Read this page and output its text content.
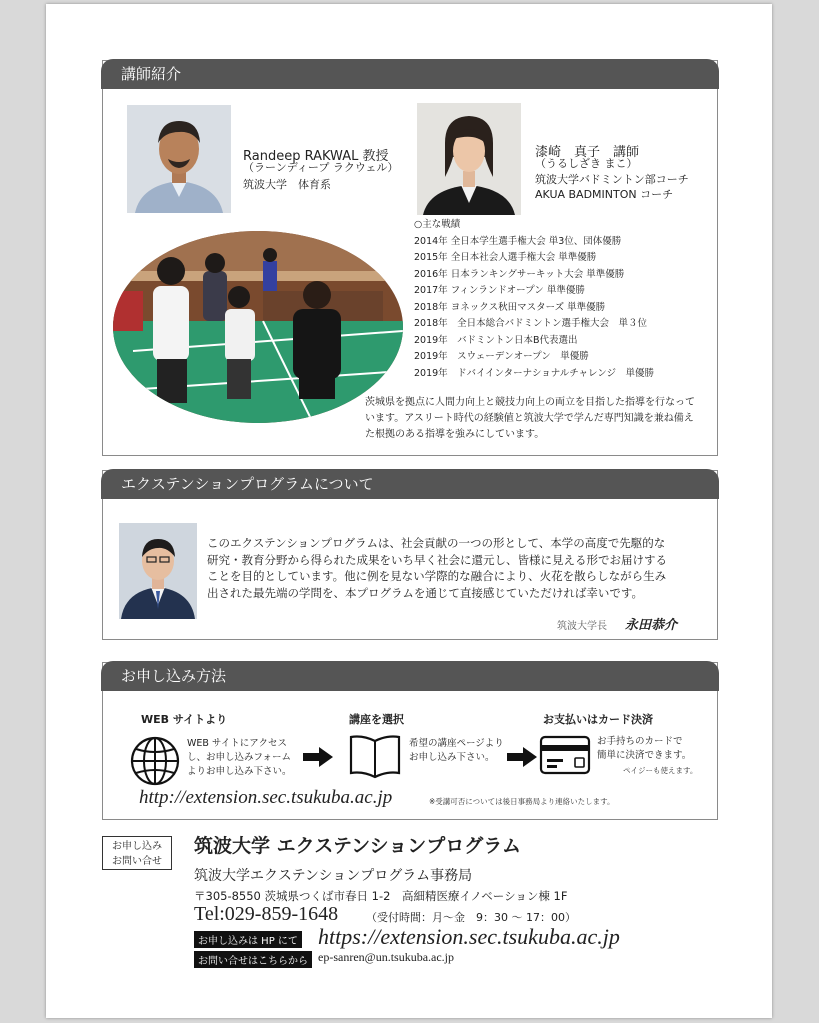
講師紹介
Randeep RAKWAL 教授
（ラーンディープ ラクウェル）
筑波大学　体育系
漆崎　真子　講師
（うるしざき まこ）
筑波大学バドミントン部コーチ
AKUA BADMINTON コーチ
○主な戦績
2014年 全日本学生選手権大会 単3位、団体優勝
2015年 全日本社会人選手権大会 単準優勝
2016年 日本ランキングサーキット大会 単準優勝
2017年 フィンランドオープン 単準優勝
2018年 ヨネックス秋田マスターズ 単準優勝
2018年　全日本総合バドミントン選手権大会　単３位
2019年　バドミントン日本B代表選出
2019年　スウェーデンオープン　単優勝
2019年　ドバイインターナショナルチャレンジ　単優勝
茨城県を拠点に人間力向上と競技力向上の両立を目指した指導を行なって
います。アスリート時代の経験値と筑波大学で学んだ専門知識を兼ね備え
た根拠のある指導を強みにしています。
エクステンションプログラムについて
このエクステンションプログラムは、社会貢献の一つの形として、本学の高度で先駆的な
研究・教育分野から得られた成果をいち早く社会に還元し、皆様に見える形でお届けする
ことを目的としています。他に例を見ない学際的な融合により、火花を散らしながら生み
出された最先端の学問を、本プログラムを通じて直接感じていただければ幸いです。
筑波大学長 永田恭介
お申し込み方法
WEB サイトより
WEB サイトにアクセス
し、お申し込みフォーム
よりお申し込み下さい。
講座を選択
希望の講座ページより
お申し込み下さい。
お支払いはカード決済
お手持ちのカードで
簡単に決済できます。
ペイジーも使えます。
http://extension.sec.tsukuba.ac.jp	※受講可否については後日事務局より連絡いたします。
お申し込み
お問い合せ
筑波大学 エクステンションプログラム
筑波大学エクステンションプログラム事務局
〒305-8550 茨城県つくば市春日 1-2　高細精医療イノベーション棟 1F
Tel:029-859-1648	（受付時間：月〜金　9：30 〜 17：00）
お申し込みは HP にて https://extension.sec.tsukuba.ac.jp
お問い合せはこちらから ep-sanren@un.tsukuba.ac.jp
